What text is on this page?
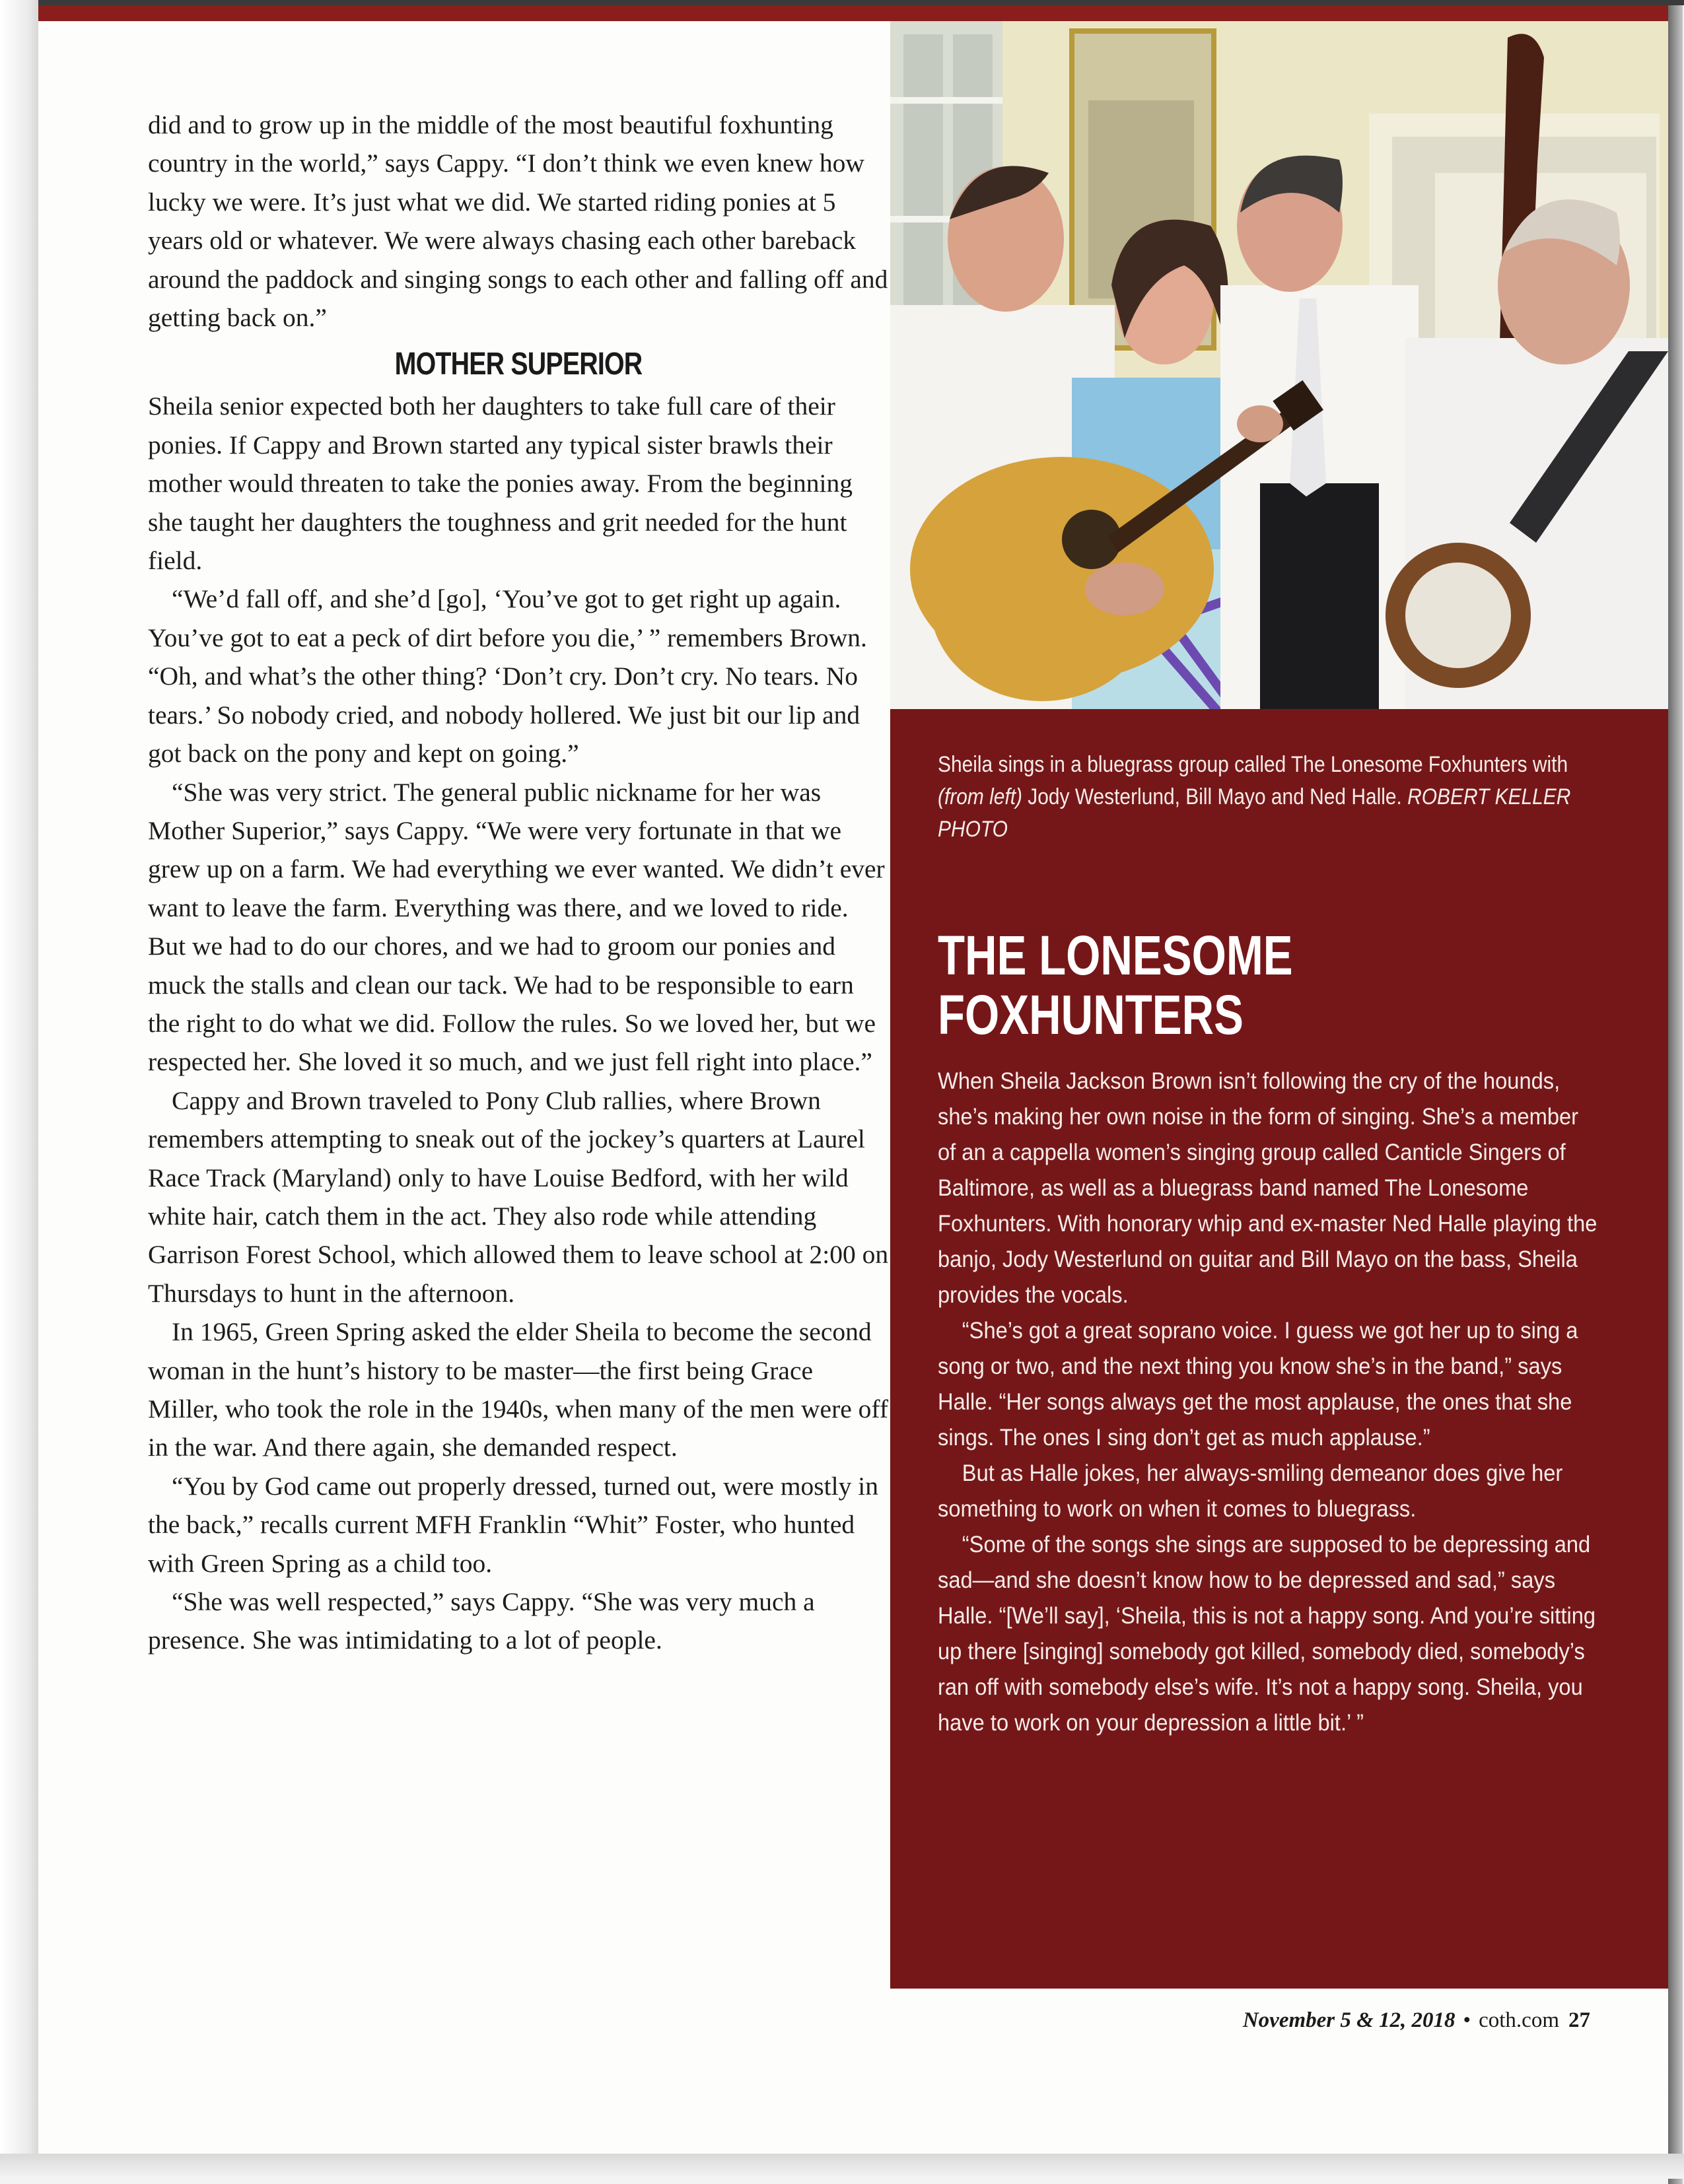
did and to grow up in the middle of the most beautiful foxhunting country in the world,” says Cappy. “I don’t think we even knew how lucky we were. It’s just what we did. We started riding ponies at 5 years old or whatever. We were always chasing each other bareback around the paddock and singing songs to each other and falling off and getting back on.”

MOTHER SUPERIOR

Sheila senior expected both her daughters to take full care of their ponies. If Cappy and Brown started any typical sister brawls their mother would threaten to take the ponies away. From the beginning she taught her daughters the toughness and grit needed for the hunt field.

“We’d fall off, and she’d [go], ‘You’ve got to get right up again. You’ve got to eat a peck of dirt before you die,’ ” remembers Brown. “Oh, and what’s the other thing? ‘Don’t cry. Don’t cry. No tears. No tears.’ So nobody cried, and nobody hollered. We just bit our lip and got back on the pony and kept on going.”

“She was very strict. The general public nickname for her was Mother Superior,” says Cappy. “We were very fortunate in that we grew up on a farm. We had everything we ever wanted. We didn’t ever want to leave the farm. Everything was there, and we loved to ride. But we had to do our chores, and we had to groom our ponies and muck the stalls and clean our tack. We had to be responsible to earn the right to do what we did. Follow the rules. So we loved her, but we respected her. She loved it so much, and we just fell right into place.”

Cappy and Brown traveled to Pony Club rallies, where Brown remembers attempting to sneak out of the jockey’s quarters at Laurel Race Track (Maryland) only to have Louise Bedford, with her wild white hair, catch them in the act. They also rode while attending Garrison Forest School, which allowed them to leave school at 2:00 on Thursdays to hunt in the afternoon.

In 1965, Green Spring asked the elder Sheila to become the second woman in the hunt’s history to be master—the first being Grace Miller, who took the role in the 1940s, when many of the men were off in the war. And there again, she demanded respect.

“You by God came out properly dressed, turned out, were mostly in the back,” recalls current MFH Franklin “Whit” Foster, who hunted with Green Spring as a child too.

“She was well respected,” says Cappy. “She was very much a presence. She was intimidating to a lot of people.

Sheila sings in a bluegrass group called The Lonesome Foxhunters with (from left) Jody Westerlund, Bill Mayo and Ned Halle. ROBERT KELLER PHOTO
THE LONESOME
FOXHUNTERS

When Sheila Jackson Brown isn’t following the cry of the hounds, she’s making her own noise in the form of singing. She’s a member of an a cappella women’s singing group called Canticle Singers of Baltimore, as well as a bluegrass band named The Lonesome Foxhunters. With honorary whip and ex-master Ned Halle playing the banjo, Jody Westerlund on guitar and Bill Mayo on the bass, Sheila provides the vocals.

“She’s got a great soprano voice. I guess we got her up to sing a song or two, and the next thing you know she’s in the band,” says Halle. “Her songs always get the most applause, the ones that she sings. The ones I sing don’t get as much applause.”

But as Halle jokes, her always-smiling demeanor does give her something to work on when it comes to bluegrass.

“Some of the songs she sings are supposed to be depressing and sad—and she doesn’t know how to be depressed and sad,” says Halle. “[We’ll say], ‘Sheila, this is not a happy song. And you’re sitting up there [singing] somebody got killed, somebody died, somebody’s ran off with somebody else’s wife. It’s not a happy song. Sheila, you have to work on your depression a little bit.’ ”

November 5 & 12, 2018 • coth.com 27
